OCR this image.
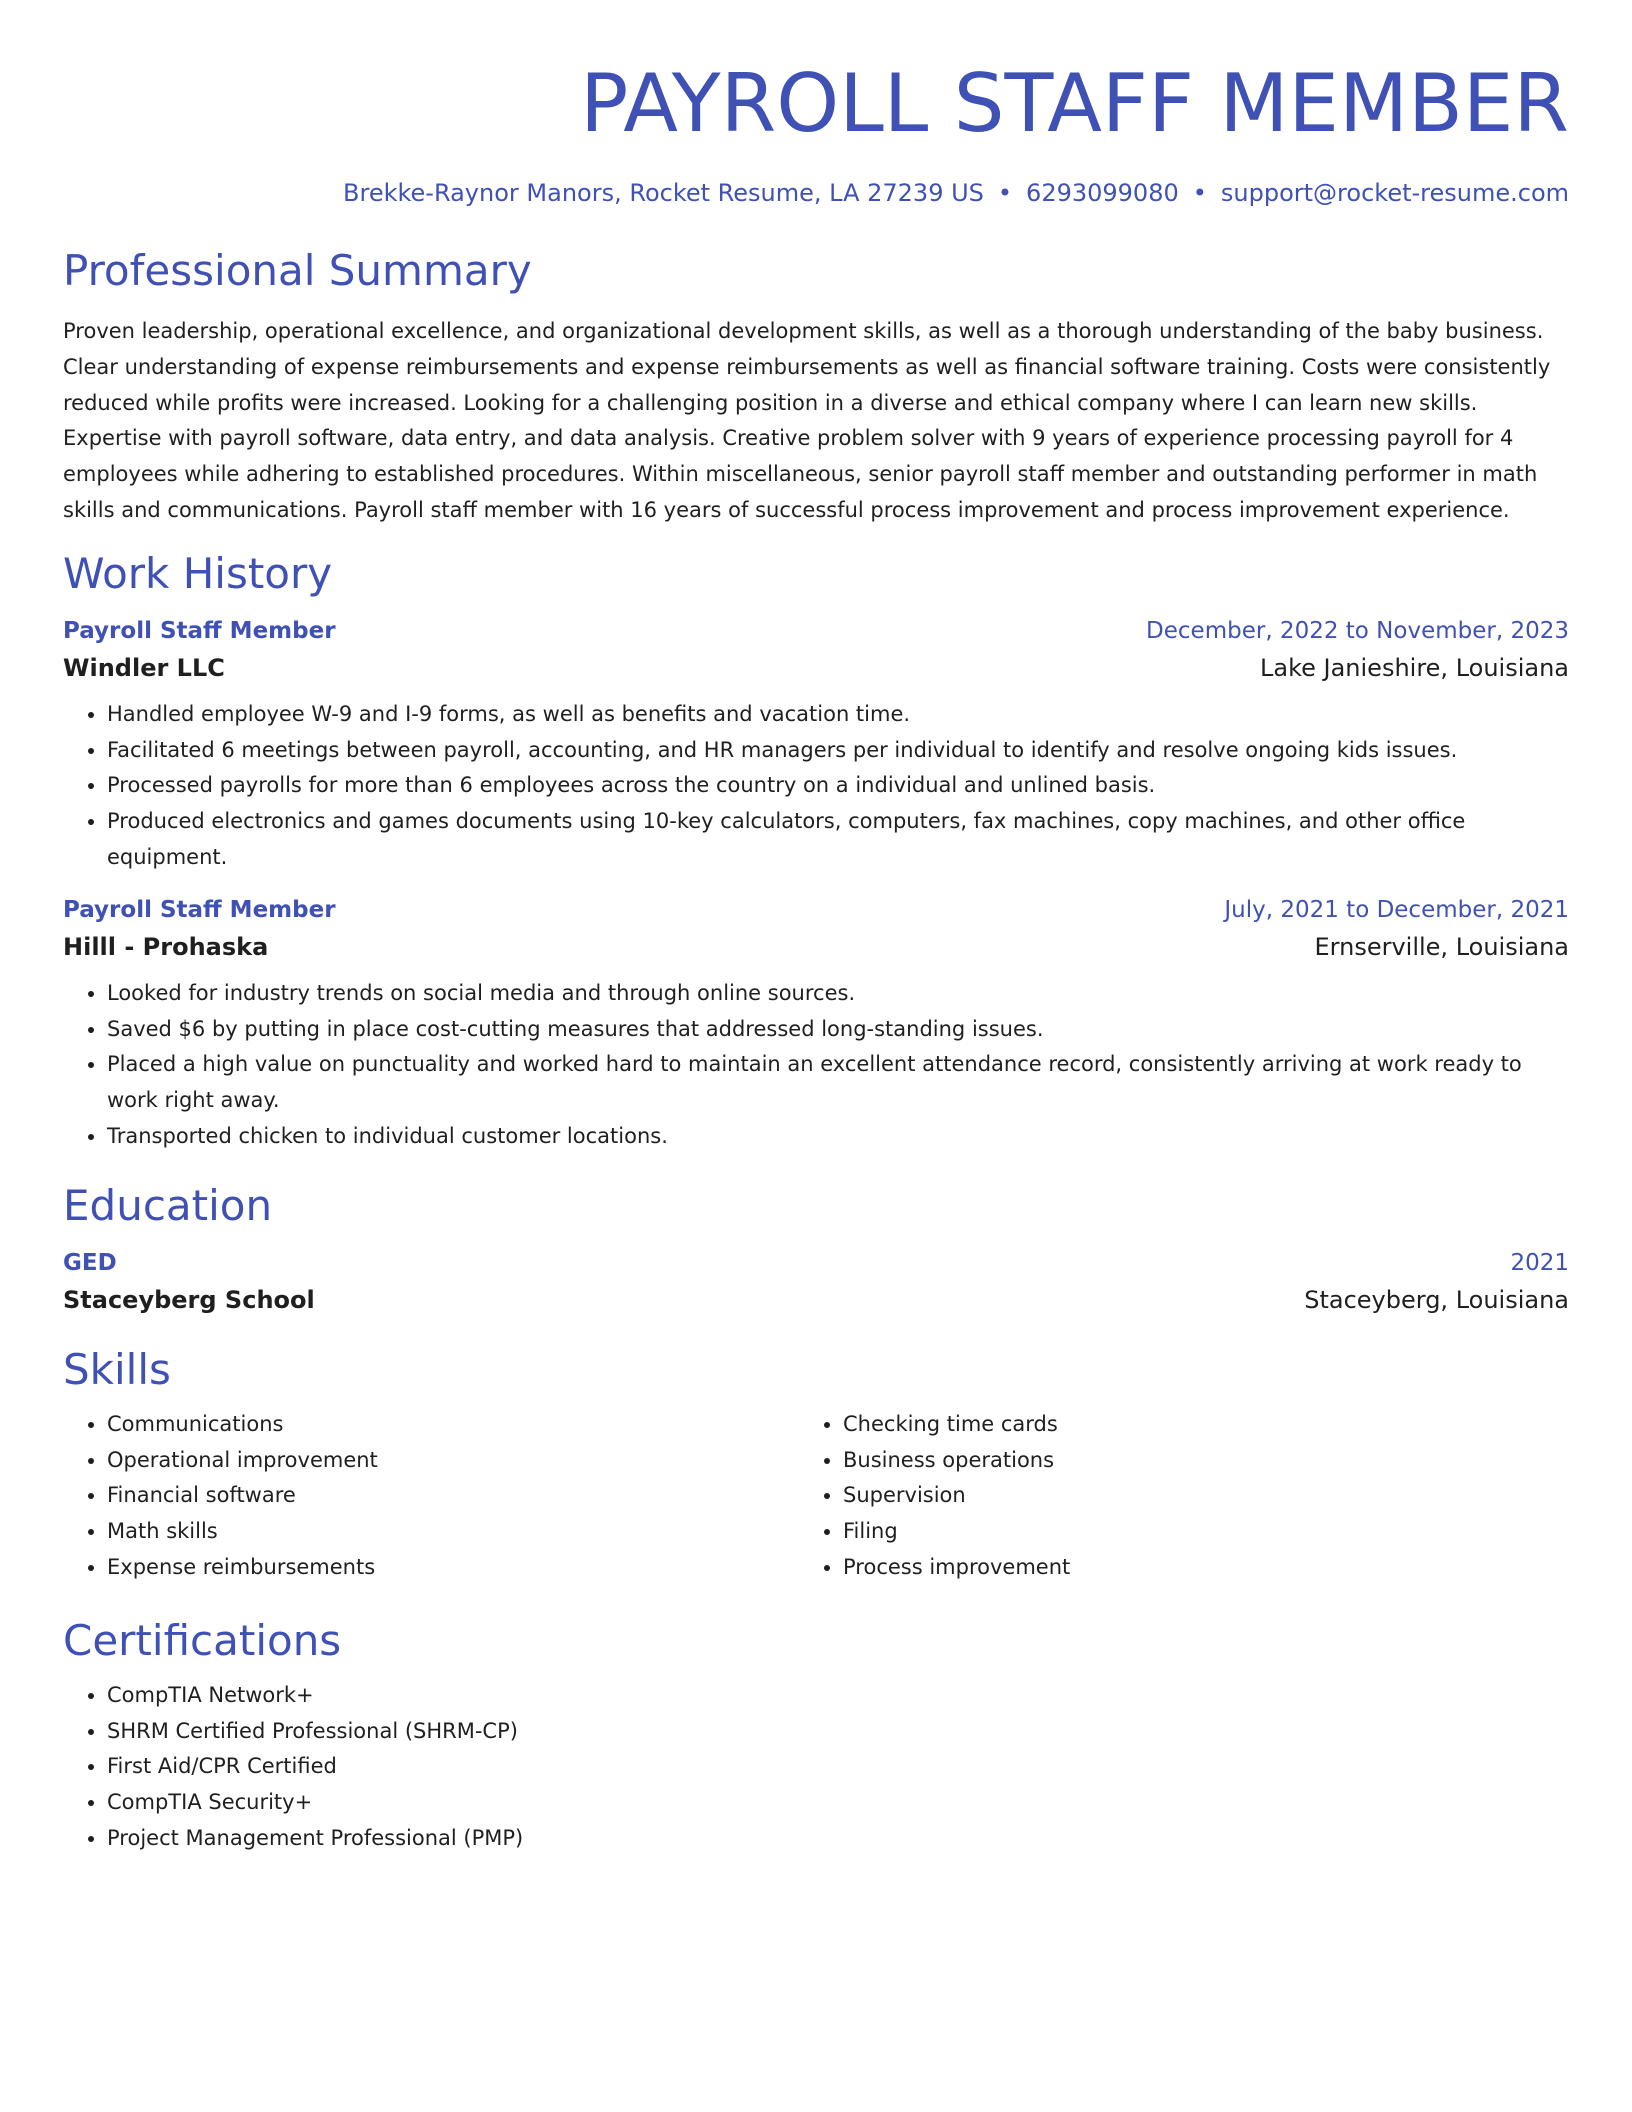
PAYROLL STAFF MEMBER
Brekke-Raynor Manors, Rocket Resume, LA 27239 US • 6293099080 • support@rocket-resume.com
Professional Summary

Proven leadership, operational excellence, and organizational development skills, as well as a thorough understanding of the baby business. Clear understanding of expense reimbursements and expense reimbursements as well as financial software training. Costs were consistently reduced while profits were increased. Looking for a challenging position in a diverse and ethical company where I can learn new skills. Expertise with payroll software, data entry, and data analysis. Creative problem solver with 9 years of experience processing payroll for 4 employees while adhering to established procedures. Within miscellaneous, senior payroll staff member and outstanding performer in math skills and communications. Payroll staff member with 16 years of successful process improvement and process improvement experience.

Work History
Payroll Staff Member	December, 2022 to November, 2023
Windler LLC	Lake Janieshire, Louisiana
• Handled employee W-9 and I-9 forms, as well as benefits and vacation time.
• Facilitated 6 meetings between payroll, accounting, and HR managers per individual to identify and resolve ongoing kids issues.
• Processed payrolls for more than 6 employees across the country on a individual and unlined basis.
• Produced electronics and games documents using 10-key calculators, computers, fax machines, copy machines, and other office equipment.
Payroll Staff Member	July, 2021 to December, 2021
Hilll - Prohaska	Ernserville, Louisiana
• Looked for industry trends on social media and through online sources.
• Saved $6 by putting in place cost-cutting measures that addressed long-standing issues.
• Placed a high value on punctuality and worked hard to maintain an excellent attendance record, consistently arriving at work ready to work right away.
• Transported chicken to individual customer locations.
Education
GED	2021
Staceyberg School	Staceyberg, Louisiana
Skills
• Communications
• Operational improvement
• Financial software
• Math skills
• Expense reimbursements
• Checking time cards
• Business operations
• Supervision
• Filing
• Process improvement
Certifications
• CompTIA Network+
• SHRM Certified Professional (SHRM-CP)
• First Aid/CPR Certified
• CompTIA Security+
• Project Management Professional (PMP)
